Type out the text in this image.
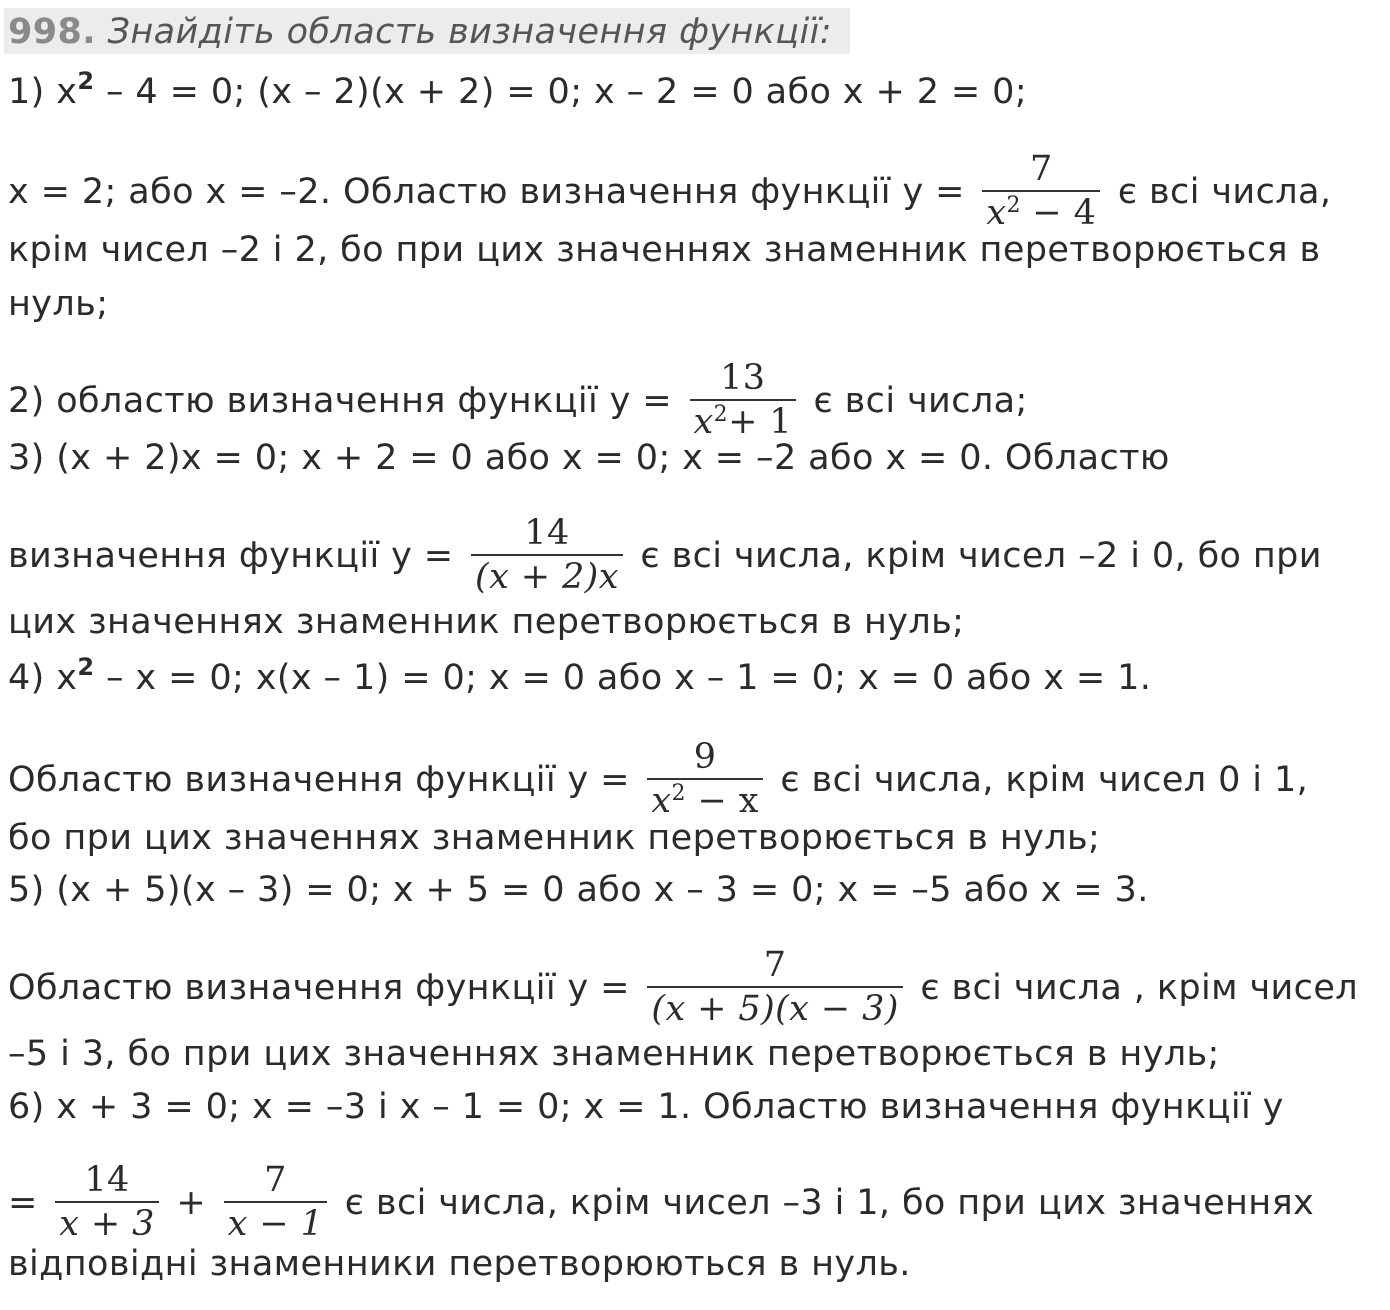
998. Знайдіть область визначення функції:
1) $x^2 - 4 = 0$; (x – 2)(x + 2) = 0; x – 2 = 0 або x + 2 = 0;
x = 2; або x = –2. Областю визначення функції $у = \frac{7}{x^2 - 4}$ є всі числа,
крім чисел –2 і 2, бо при цих значеннях знаменник перетворюється в
нуль;
2) областю визначення функції $у = \frac{13}{x^2+ 1}$ є всі числа;
3) (x + 2)x = 0; x + 2 = 0 або x = 0; x = –2 або x = 0. Областю
визначення функції $у = \frac{14}{(x + 2)x}$ є всі числа, крім чисел –2 і 0, бо при
цих значеннях знаменник перетворюється в нуль;
4) $x^2 - x = 0$; x(x – 1) = 0; x = 0 або x – 1 = 0; x = 0 або x = 1.
Областю визначення функції $у = \frac{9}{x^2 - x}$ є всі числа, крім чисел 0 і 1,
бо при цих значеннях знаменник перетворюється в нуль;
5) (x + 5)(x – 3) = 0; x + 5 = 0 або x – 3 = 0; x = –5 або x = 3.
Областю визначення функції $у = \frac{7}{(x + 5)(x - 3)}$ є всі числа , крім чисел
–5 і 3, бо при цих значеннях знаменник перетворюється в нуль;
6) x + 3 = 0; x = –3 і x – 1 = 0; x = 1. Областю визначення функції у
= $\frac{14}{x + 3} + \frac{7}{x - 1}$ є всі числа, крім чисел –3 і 1, бо при цих значеннях
відповідні знаменники перетворюються в нуль.
